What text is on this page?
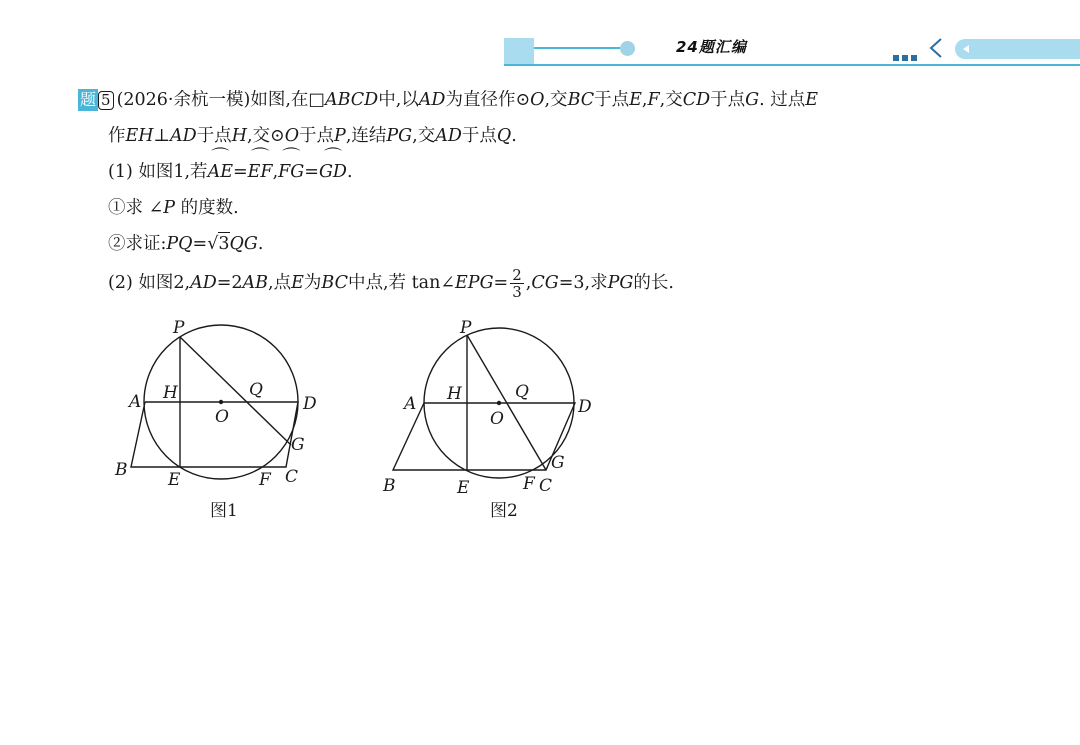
24题汇编
题 5 (2026·余杭一模)如图,在□ABCD中,以AD为直径作⊙O,交BC于点E,F,交CD于点G. 过点E
作EH⊥AD于点H,交⊙O于点P,连结PG,交AD于点Q.
(1) 如图1,若⌒ AE=⌒ EF,⌒ FG=⌒ GD.
①求 ∠P 的度数.
②求证:PQ=√3QG.
(2) 如图2,AD=2AB,点E为BC中点,若 tan∠EPG= $\frac{2}{3} ,CG=3$,求PG的长.
P
A H	Q
D
O
G
B E	F C
图1
P
A H	Q
D
O
G
B	E	F C
图2
